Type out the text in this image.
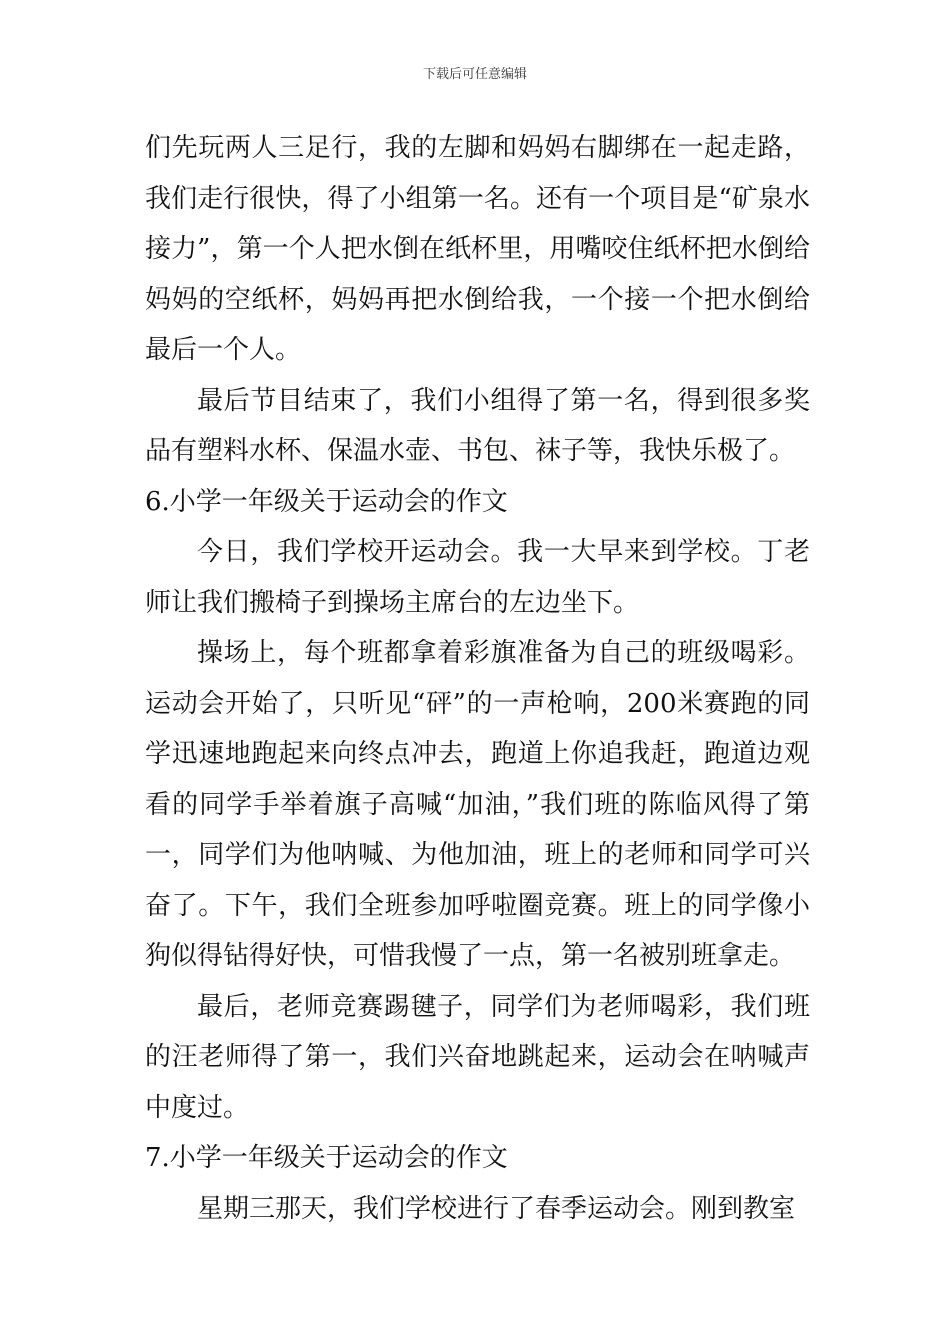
下载后可任意编辑
们先玩两人三足行，我的左脚和妈妈右脚绑在一起走路，我们走行很快，得了小组第一名。还有一个项目是“矿泉水接力”，第一个人把水倒在纸杯里，用嘴咬住纸杯把水倒给妈妈的空纸杯，妈妈再把水倒给我，一个接一个把水倒给最后一个人。
最后节目结束了，我们小组得了第一名，得到很多奖品有塑料水杯、保温水壶、书包、袜子等，我快乐极了。
6.小学一年级关于运动会的作文
今日，我们学校开运动会。我一大早来到学校。丁老师让我们搬椅子到操场主席台的左边坐下。
操场上，每个班都拿着彩旗准备为自己的班级喝彩。运动会开始了，只听见“砰”的一声枪响，200米赛跑的同学迅速地跑起来向终点冲去，跑道上你追我赶，跑道边观看的同学手举着旗子高喊“加油，”我们班的陈临风得了第一，同学们为他呐喊、为他加油，班上的老师和同学可兴奋了。下午，我们全班参加呼啦圈竞赛。班上的同学像小狗似得钻得好快，可惜我慢了一点，第一名被别班拿走。
最后，老师竞赛踢毽子，同学们为老师喝彩，我们班的汪老师得了第一，我们兴奋地跳起来，运动会在呐喊声中度过。
7.小学一年级关于运动会的作文
星期三那天，我们学校进行了春季运动会。刚到教室
